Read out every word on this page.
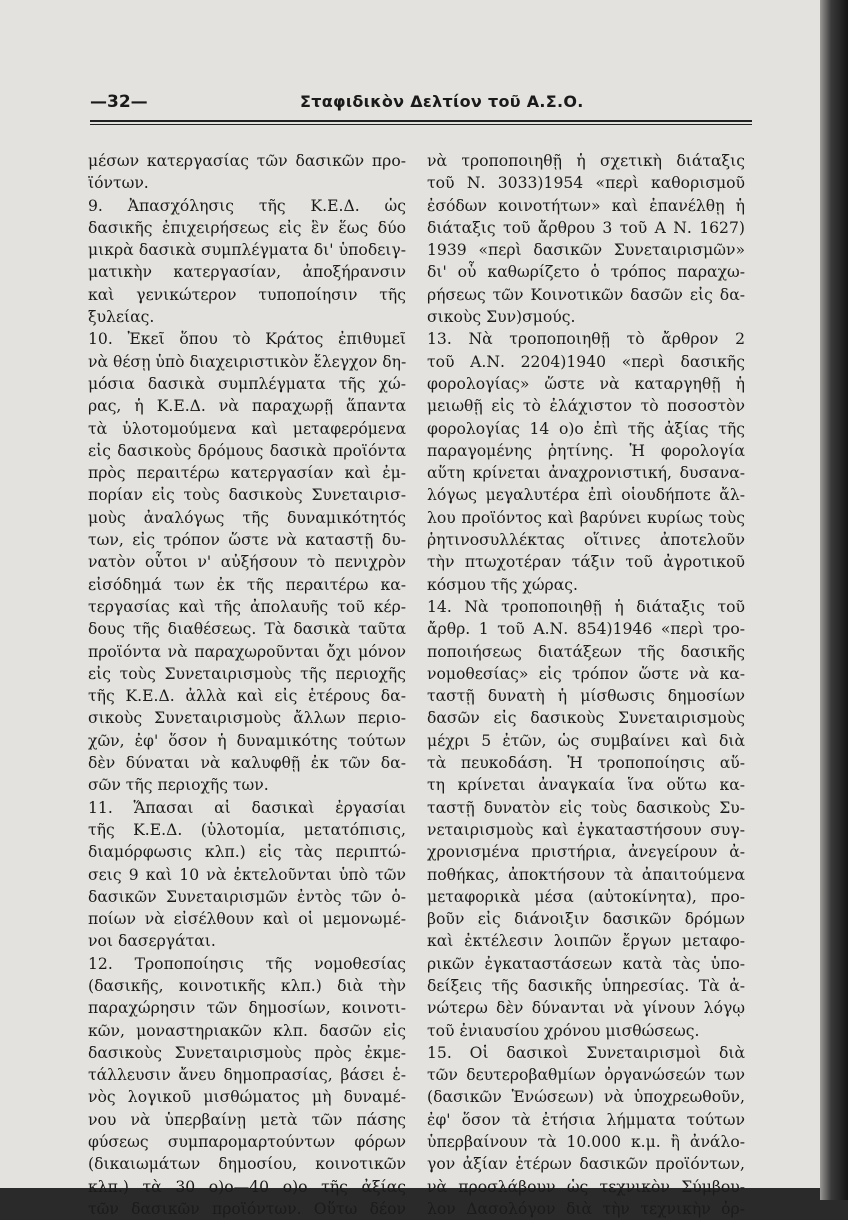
—32—	Σταφιδικὸν Δελτίον τοῦ Α.Σ.Ο.
μέσων κατεργασίας τῶν δασικῶν προ-
ϊόντων.
9. Ἀπασχόλησις τῆς Κ.Ε.Δ. ὡς
δασικῆς ἐπιχειρήσεως εἰς ἓν ἕως δύο
μικρὰ δασικὰ συμπλέγματα δι' ὑποδειγ-
ματικὴν κατεργασίαν, ἀποξήρανσιν
καὶ γενικώτερον τυποποίησιν τῆς
ξυλείας.
10. Ἐκεῖ ὅπου τὸ Κράτος ἐπιθυμεῖ
νὰ θέσῃ ὑπὸ διαχειριστικὸν ἔλεγχον δη-
μόσια δασικὰ συμπλέγματα τῆς χώ-
ρας, ἡ Κ.Ε.Δ. νὰ παραχωρῇ ἅπαντα
τὰ ὑλοτομούμενα καὶ μεταφερόμενα
εἰς δασικοὺς δρόμους δασικὰ προϊόντα
πρὸς περαιτέρω κατεργασίαν καὶ ἐμ-
πορίαν εἰς τοὺς δασικοὺς Συνεταιρισ-
μοὺς ἀναλόγως τῆς δυναμικότητός
των, εἰς τρόπον ὥστε νὰ καταστῇ δυ-
νατὸν οὗτοι ν' αὐξήσουν τὸ πενιχρὸν
εἰσόδημά των ἐκ τῆς περαιτέρω κα-
τεργασίας καὶ τῆς ἀπολαυῆς τοῦ κέρ-
δους τῆς διαθέσεως. Τὰ δασικὰ ταῦτα
προϊόντα νὰ παραχωροῦνται ὄχι μόνον
εἰς τοὺς Συνεταιρισμοὺς τῆς περιοχῆς
τῆς Κ.Ε.Δ. ἀλλὰ καὶ εἰς ἑτέρους δα-
σικοὺς Συνεταιρισμοὺς ἄλλων περιο-
χῶν, ἐφ' ὅσον ἡ δυναμικότης τούτων
δὲν δύναται νὰ καλυφθῇ ἐκ τῶν δα-
σῶν τῆς περιοχῆς των.
11. Ἅπασαι αἱ δασικαὶ ἐργασίαι
τῆς Κ.Ε.Δ. (ὑλοτομία, μετατόπισις,
διαμόρφωσις κλπ.) εἰς τὰς περιπτώ-
σεις 9 καὶ 10 νὰ ἐκτελοῦνται ὑπὸ τῶν
δασικῶν Συνεταιρισμῶν ἐντὸς τῶν ὁ-
ποίων νὰ εἰσέλθουν καὶ οἱ μεμονωμέ-
νοι δασεργάται.
12. Τροποποίησις τῆς νομοθεσίας
(δασικῆς, κοινοτικῆς κλπ.) διὰ τὴν
παραχώρησιν τῶν δημοσίων, κοινοτι-
κῶν, μοναστηριακῶν κλπ. δασῶν εἰς
δασικοὺς Συνεταιρισμοὺς πρὸς ἐκμε-
τάλλευσιν ἄνευ δημοπρασίας, βάσει ἑ-
νὸς λογικοῦ μισθώματος μὴ δυναμέ-
νου νὰ ὑπερβαίνῃ μετὰ τῶν πάσης
φύσεως συμπαρομαρτούντων φόρων
(δικαιωμάτων δημοσίου, κοινοτικῶν
κλπ.) τὰ 30 ο)ο—40 ο)ο τῆς ἀξίας
τῶν δασικῶν προϊόντων. Οὕτω δέον
νὰ τροποποιηθῇ ἡ σχετικὴ διάταξις
τοῦ Ν. 3033)1954 «περὶ καθορισμοῦ
ἐσόδων κοινοτήτων» καὶ ἐπανέλθῃ ἡ
διάταξις τοῦ ἄρθρου 3 τοῦ Α Ν. 1627)
1939 «περὶ δασικῶν Συνεταιρισμῶν»
δι' οὗ καθωρίζετο ὁ τρόπος παραχω-
ρήσεως τῶν Κοινοτικῶν δασῶν εἰς δα-
σικοὺς Συν)σμούς.
13. Νὰ τροποποιηθῇ τὸ ἄρθρον 2
τοῦ Α.Ν. 2204)1940 «περὶ δασικῆς
φορολογίας» ὥστε νὰ καταργηθῇ ἡ
μειωθῇ εἰς τὸ ἐλάχιστον τὸ ποσοστὸν
φορολογίας 14 ο)ο ἐπὶ τῆς ἀξίας τῆς
παραγομένης ῥητίνης. Ἡ φορολογία
αὕτη κρίνεται ἀναχρονιστική, δυσανα-
λόγως μεγαλυτέρα ἐπὶ οἱουδήποτε ἄλ-
λου προϊόντος καὶ βαρύνει κυρίως τοὺς
ῥητινοσυλλέκτας οἵτινες ἀποτελοῦν
τὴν πτωχοτέραν τάξιν τοῦ ἀγροτικοῦ
κόσμου τῆς χώρας.
14. Νὰ τροποποιηθῇ ἡ διάταξις τοῦ
ἄρθρ. 1 τοῦ Α.Ν. 854)1946 «περὶ τρο-
ποποιήσεως διατάξεων τῆς δασικῆς
νομοθεσίας» εἰς τρόπον ὥστε νὰ κα-
ταστῇ δυνατὴ ἡ μίσθωσις δημοσίων
δασῶν εἰς δασικοὺς Συνεταιρισμοὺς
μέχρι 5 ἐτῶν, ὡς συμβαίνει καὶ διὰ
τὰ πευκοδάση. Ἡ τροποποίησις αὕ-
τη κρίνεται ἀναγκαία ἵνα οὕτω κα-
ταστῇ δυνατὸν εἰς τοὺς δασικοὺς Συ-
νεταιρισμοὺς καὶ ἐγκαταστήσουν συγ-
χρονισμένα πριστήρια, ἀνεγείρουν ἀ-
ποθήκας, ἀποκτήσουν τὰ ἀπαιτούμενα
μεταφορικὰ μέσα (αὐτοκίνητα), προ-
βοῦν εἰς διάνοιξιν δασικῶν δρόμων
καὶ ἐκτέλεσιν λοιπῶν ἔργων μεταφο-
ρικῶν ἐγκαταστάσεων κατὰ τὰς ὑπο-
δείξεις τῆς δασικῆς ὑπηρεσίας. Τὰ ἀ-
νώτερω δὲν δύνανται νὰ γίνουν λόγῳ
τοῦ ἐνιαυσίου χρόνου μισθώσεως.
15. Οἱ δασικοὶ Συνεταιρισμοὶ διὰ
τῶν δευτεροβαθμίων ὀργανώσεών των
(δασικῶν Ἑνώσεων) νὰ ὑποχρεωθοῦν,
ἐφ' ὅσον τὰ ἐτήσια λήμματα τούτων
ὑπερβαίνουν τὰ 10.000 κ.μ. ἢ ἀνάλο-
γον ἀξίαν ἑτέρων δασικῶν προϊόντων,
νὰ προσλάβουν ὡς τεχνικὸν Σύμβου-
λον Δασολόγον διὰ τὴν τεχνικὴν ὀρ-
